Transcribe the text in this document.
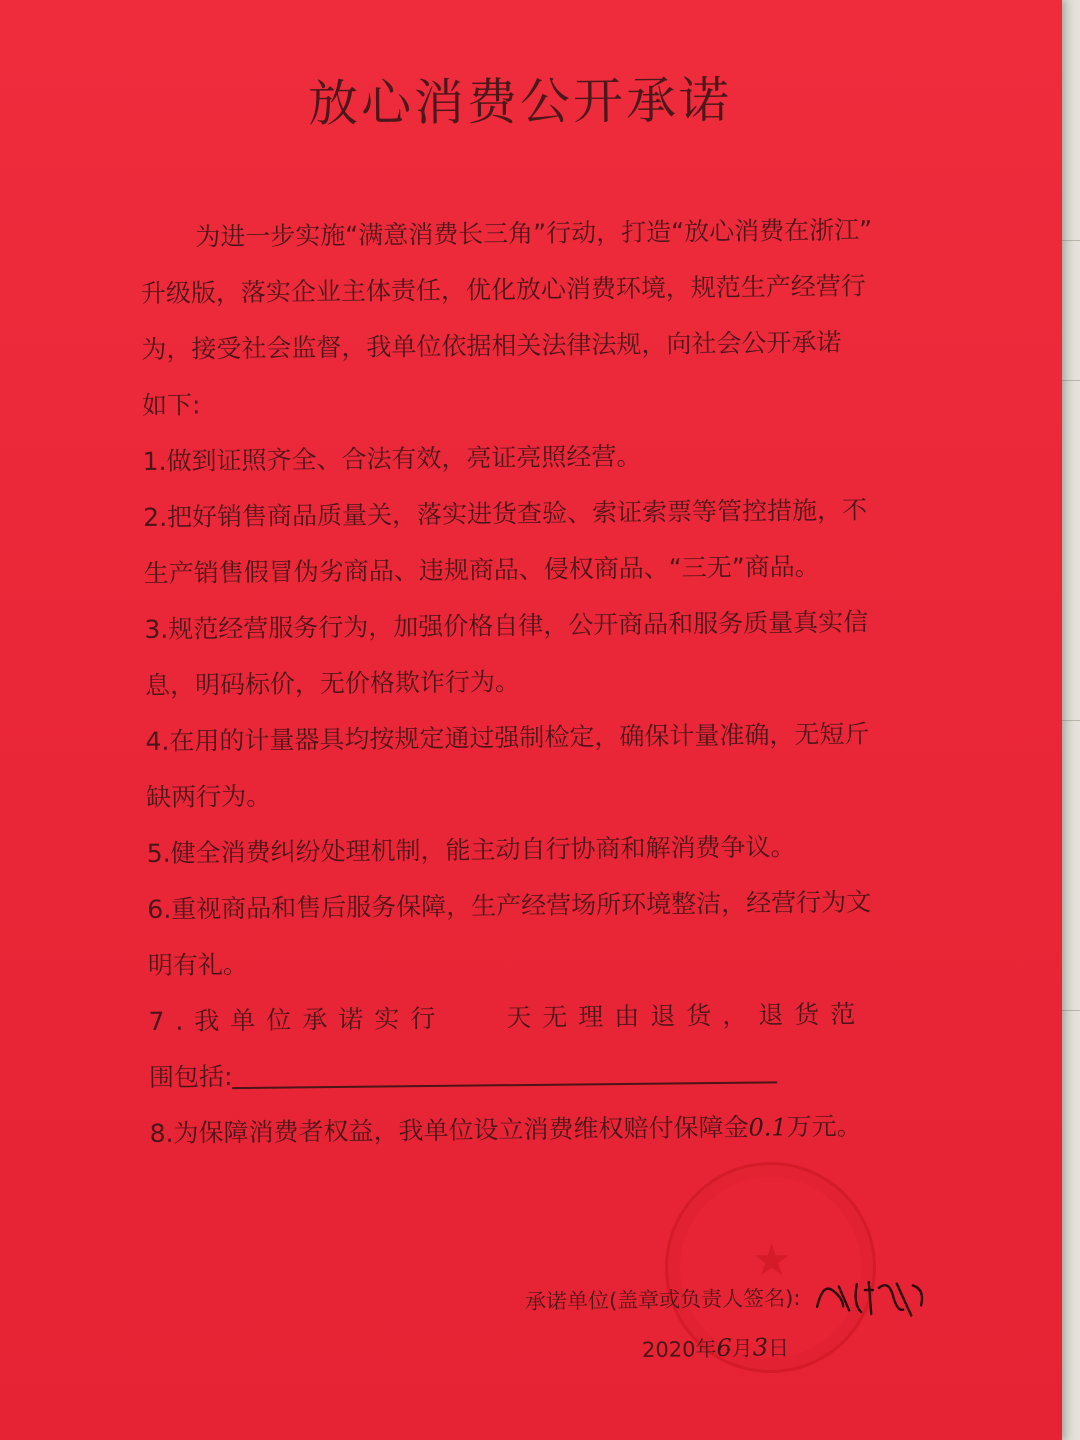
放心消费公开承诺
为进一步实施“满意消费长三角”行动，打造“放心消费在浙江”
升级版，落实企业主体责任，优化放心消费环境，规范生产经营行
为，接受社会监督，我单位依据相关法律法规，向社会公开承诺
如下:
1.做到证照齐全、合法有效，亮证亮照经营。
2.把好销售商品质量关，落实进货查验、索证索票等管控措施，不
生产销售假冒伪劣商品、违规商品、侵权商品、“三无”商品。
3.规范经营服务行为，加强价格自律，公开商品和服务质量真实信
息，明码标价，无价格欺诈行为。
4.在用的计量器具均按规定通过强制检定，确保计量准确，无短斤
缺两行为。
5.健全消费纠纷处理机制，能主动自行协商和解消费争议。
6.重视商品和售后服务保障，生产经营场所环境整洁，经营行为文
明有礼。
7.我单位承诺实行 天无理由退货，退货范
围包括:
8.为保障消费者权益，我单位设立消费维权赔付保障金0.1万元。
★
承诺单位(盖章或负责人签名):
2020年6月3日
